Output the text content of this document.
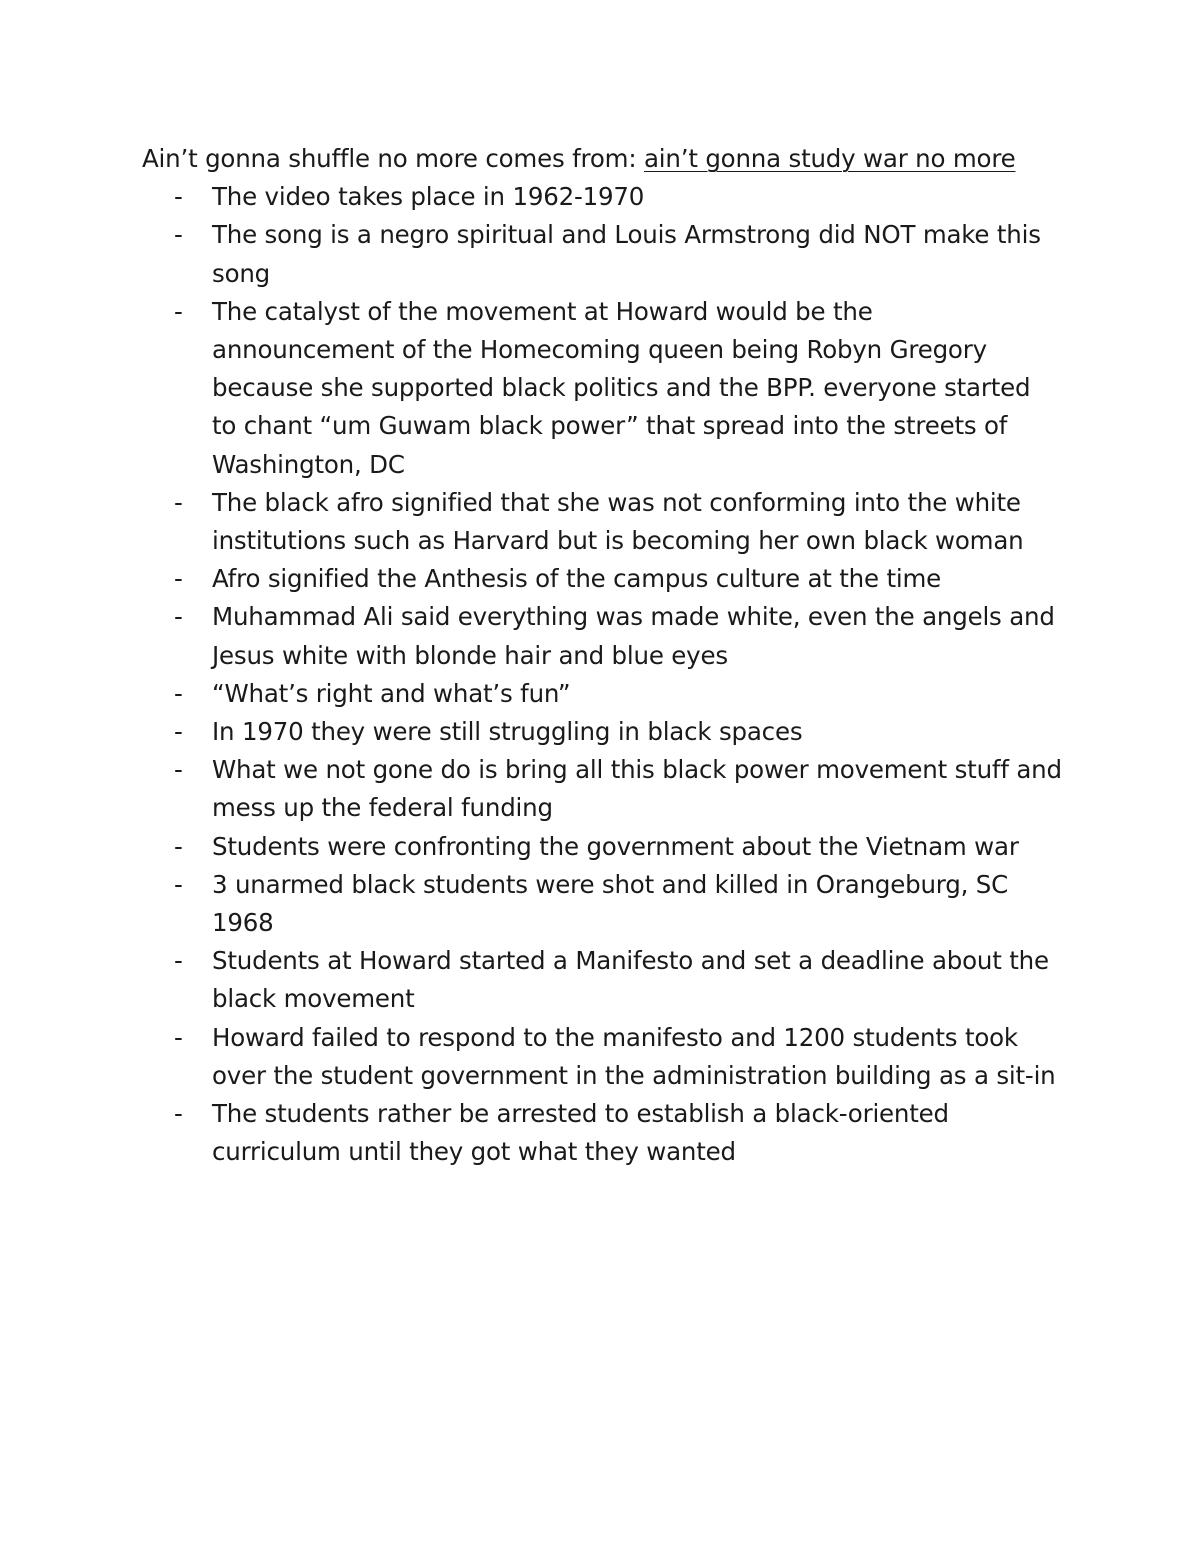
Ain’t gonna shuffle no more comes from: ain’t gonna study war no more

- The video takes place in 1962-1970
- The song is a negro spiritual and Louis Armstrong did NOT make this song
- The catalyst of the movement at Howard would be the announcement of the Homecoming queen being Robyn Gregory because she supported black politics and the BPP. everyone started to chant “um Guwam black power” that spread into the streets of Washington, DC
- The black afro signified that she was not conforming into the white institutions such as Harvard but is becoming her own black woman
- Afro signified the Anthesis of the campus culture at the time
- Muhammad Ali said everything was made white, even the angels and Jesus white with blonde hair and blue eyes
- “What’s right and what’s fun”
- In 1970 they were still struggling in black spaces
- What we not gone do is bring all this black power movement stuff and mess up the federal funding
- Students were confronting the government about the Vietnam war
- 3 unarmed black students were shot and killed in Orangeburg, SC 1968
- Students at Howard started a Manifesto and set a deadline about the black movement
- Howard failed to respond to the manifesto and 1200 students took over the student government in the administration building as a sit-in
- The students rather be arrested to establish a black-oriented curriculum until they got what they wanted
